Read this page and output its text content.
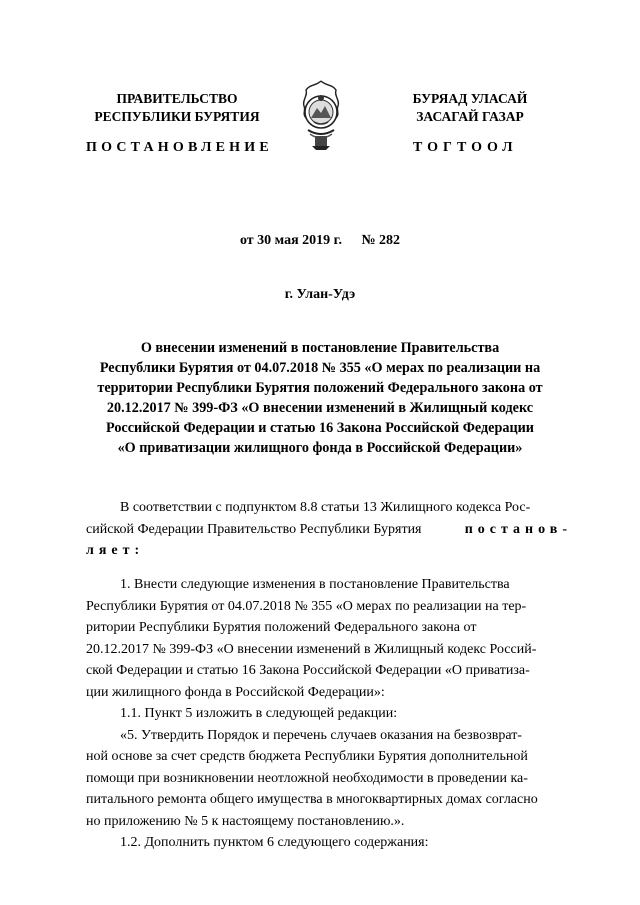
ПРАВИТЕЛЬСТВО
РЕСПУБЛИКИ БУРЯТИЯ
ПОСТАНОВЛЕНИЕ
БУРЯАД УЛАСАЙ
ЗАСАГАЙ ГАЗАР
ТОГТООЛ
от 30 мая 2019 г. № 282
г. Улан-Удэ
О внесении изменений в постановление Правительства
Республики Бурятия от 04.07.2018 № 355 «О мерах по реализации на
территории Республики Бурятия положений Федерального закона от
20.12.2017 № 399-ФЗ «О внесении изменений в Жилищный кодекс
Российской Федерации и статью 16 Закона Российской Федерации
«О приватизации жилищного фонда в Российской Федерации»
В соответствии с подпунктом 8.8 статьи 13 Жилищного кодекса Рос-
сийской Федерации Правительство Республики Бурятия	постанов-
ляет:
1. Внести следующие изменения в постановление Правительства
Республики Бурятия от 04.07.2018 № 355 «О мерах по реализации на тер-
ритории Республики Бурятия положений Федерального закона от
20.12.2017 № 399-ФЗ «О внесении изменений в Жилищный кодекс Россий-
ской Федерации и статью 16 Закона Российской Федерации «О приватиза-
ции жилищного фонда в Российской Федерации»:
1.1. Пункт 5 изложить в следующей редакции:
«5. Утвердить Порядок и перечень случаев оказания на безвозврат-
ной основе за счет средств бюджета Республики Бурятия дополнительной
помощи при возникновении неотложной необходимости в проведении ка-
питального ремонта общего имущества в многоквартирных домах согласно
но приложению № 5 к настоящему постановлению.».
1.2. Дополнить пунктом 6 следующего содержания:
